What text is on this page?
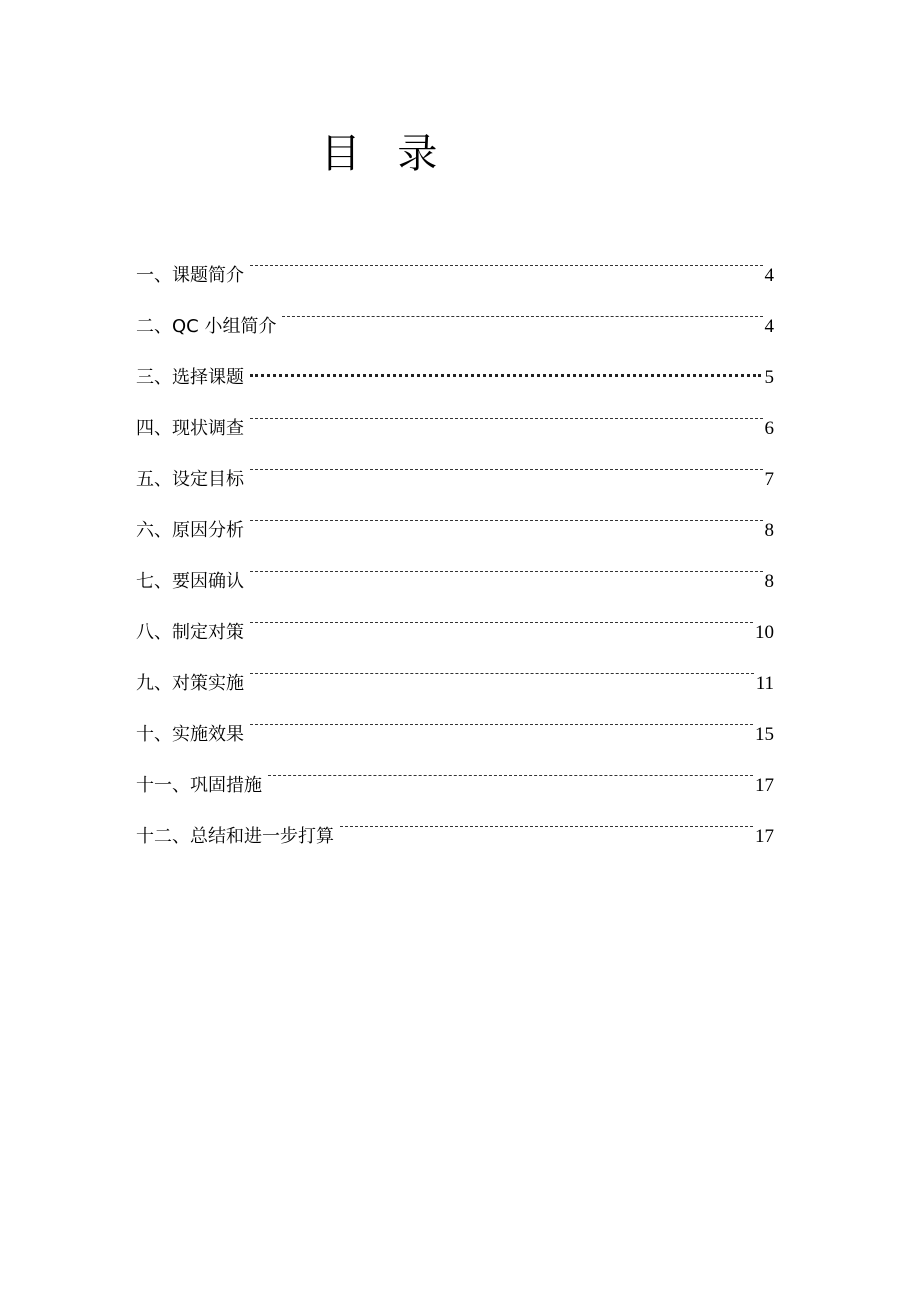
目 录
一、课题简介	4
二、QC 小组简介	4
三、选择课题	5
四、现状调查	6
五、设定目标	7
六、原因分析	8
七、要因确认	8
八、制定对策	10
九、对策实施	11
十、实施效果	15
十一、巩固措施	17
十二、总结和进一步打算	17
